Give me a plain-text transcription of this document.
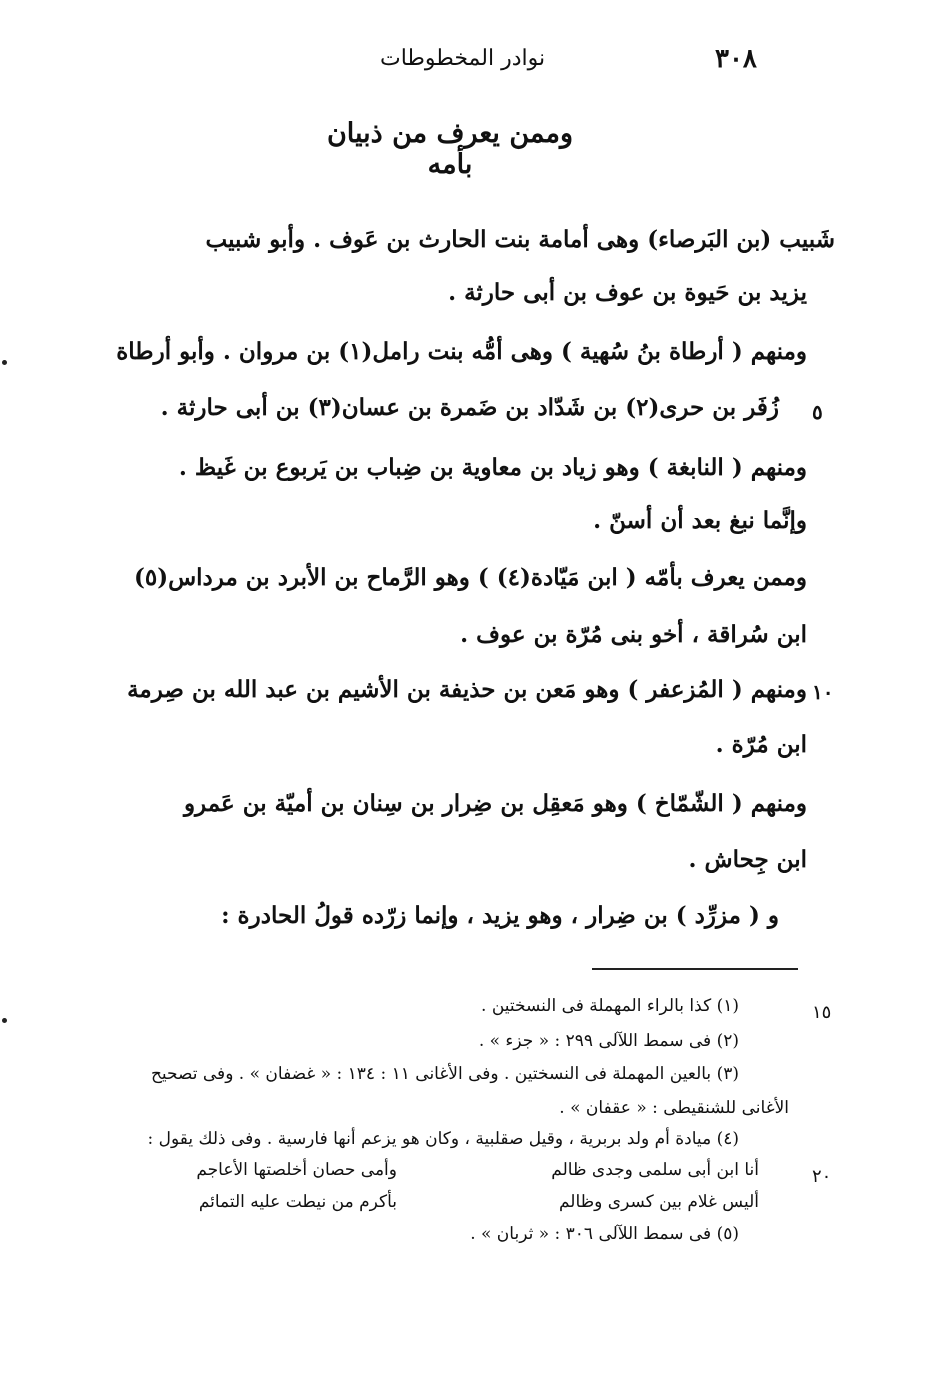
٣٠٨
نوادر المخطوطات
وممن يعرف من ذبيان بأمه
شَبيب (بن البَرصاء) وهى أمامة بنت الحارث بن عَوف . وأبو شبيب
يزيد بن حَيوة بن عوف بن أبى حارثة .
ومنهم ( أرطاة بنُ سُهية ) وهى أمُّه بنت رامل(١) بن مروان . وأبو أرطاة
زُفَر بن حرى(٢) بن شَدّاد بن ضَمرة بن عسان(٣) بن أبى حارثة .
ومنهم ( النابغة ) وهو زياد بن معاوية بن ضِباب بن يَربوع بن غَيظ .
وإنَّما نبغ بعد أن أسنّ .
وممن يعرف بأمّه ( ابن مَيّادة(٤) ) وهو الرَّماح بن الأبرد بن مرداس(٥)
ابن سُراقة ، أخو بنى مُرّة بن عوف .
ومنهم ( المُزعفر ) وهو مَعن بن حذيفة بن الأشيم بن عبد الله بن صِرمة
ابن مُرّة .
ومنهم ( الشّمّاخ ) وهو مَعقِل بن ضِرار بن سِنان بن أميّة بن عَمرو
ابن جِحاش .
و ( مزرِّد ) بن ضِرار ، وهو يزيد ، وإنما زرّده قولُ الحادرة :
٥
١٠
١٥
٢٠
(١) كذا بالراء المهملة فى النسختين .
(٢) فى سمط اللآلى ٢٩٩ : « جزء » .
(٣) بالعين المهملة فى النسختين . وفى الأغانى ١١ : ١٣٤ : « غضفان » . وفى تصحيح
الأغانى للشنقيطى : « عقفان » .
(٤) ميادة أم ولد بربرية ، وقيل صقلبية ، وكان هو يزعم أنها فارسية . وفى ذلك يقول :
أنا ابن أبى سلمى وجدى ظالم
وأمى حصان أخلصتها الأعاجم
أليس غلام بين كسرى وظالم
بأكرم من نيطت عليه التمائم
(٥) فى سمط اللآلى ٣٠٦ : « ثربان » .
